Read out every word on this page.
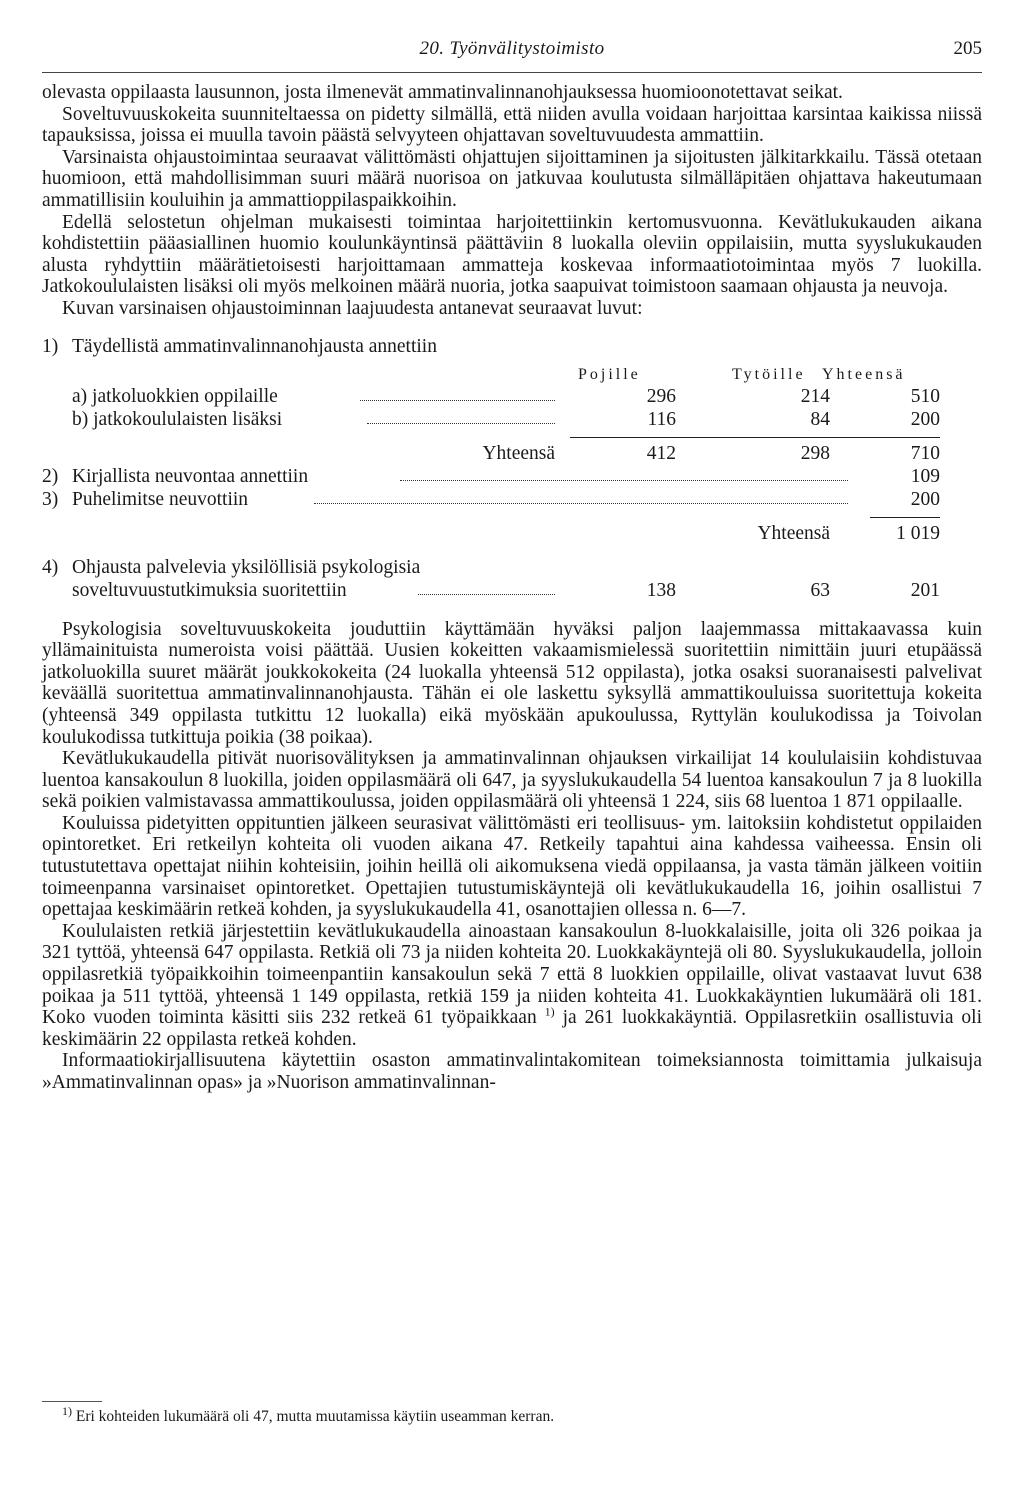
20. Työnvälitystoimisto	205

olevasta oppilaasta lausunnon, josta ilmenevät ammatinvalinnanohjauksessa huomioonotettavat seikat.

Soveltuvuuskokeita suunniteltaessa on pidetty silmällä, että niiden avulla voidaan harjoittaa karsintaa kaikissa niissä tapauksissa, joissa ei muulla tavoin päästä selvyyteen ohjattavan soveltuvuudesta ammattiin.

Varsinaista ohjaustoimintaa seuraavat välittömästi ohjattujen sijoittaminen ja sijoitusten jälkitarkkailu. Tässä otetaan huomioon, että mahdollisimman suuri määrä nuorisoa on jatkuvaa koulutusta silmälläpitäen ohjattava hakeutumaan ammatillisiin kouluihin ja ammattioppilaspaikkoihin.

Edellä selostetun ohjelman mukaisesti toimintaa harjoitettiinkin kertomusvuonna. Kevätlukukauden aikana kohdistettiin pääasiallinen huomio koulunkäyntinsä päättäviin 8 luokalla oleviin oppilaisiin, mutta syyslukukauden alusta ryhdyttiin määrätietoisesti harjoittamaan ammatteja koskevaa informaatiotoimintaa myös 7 luokilla. Jatkokoululaisten lisäksi oli myös melkoinen määrä nuoria, jotka saapuivat toimistoon saamaan ohjausta ja neuvoja.

Kuvan varsinaisen ohjaustoiminnan laajuudesta antanevat seuraavat luvut:

1) Täydellistä ammatinvalinnanohjausta annettiin
Pojille	Tytöille Yhteensä
a) jatkoluokkien oppilaille	296	214	510
b) jatkokoululaisten lisäksi	116	84	200
Yhteensä	412	298	710
2) Kirjallista neuvontaa annettiin	109
3) Puhelimitse neuvottiin	200
Yhteensä	1 019
4) Ohjausta palvelevia yksilöllisiä psykologisia
soveltuvuustutkimuksia suoritettiin	138	63	201

Psykologisia soveltuvuuskokeita jouduttiin käyttämään hyväksi paljon laajemmassa mittakaavassa kuin yllämainituista numeroista voisi päättää. Uusien kokeitten vakaamismielessä suoritettiin nimittäin juuri etupäässä jatkoluokilla suuret määrät joukkokokeita (24 luokalla yhteensä 512 oppilasta), jotka osaksi suoranaisesti palvelivat keväällä suoritettua ammatinvalinnanohjausta. Tähän ei ole laskettu syksyllä ammattikouluissa suoritettuja kokeita (yhteensä 349 oppilasta tutkittu 12 luokalla) eikä myöskään apukoulussa, Ryttylän koulukodissa ja Toivolan koulukodissa tutkittuja poikia (38 poikaa).

Kevätlukukaudella pitivät nuorisovälityksen ja ammatinvalinnan ohjauksen virkailijat 14 koululaisiin kohdistuvaa luentoa kansakoulun 8 luokilla, joiden oppilasmäärä oli 647, ja syyslukukaudella 54 luentoa kansakoulun 7 ja 8 luokilla sekä poikien valmistavassa ammattikoulussa, joiden oppilasmäärä oli yhteensä 1 224, siis 68 luentoa 1 871 oppilaalle.

Kouluissa pidetyitten oppituntien jälkeen seurasivat välittömästi eri teollisuus- ym. laitoksiin kohdistetut oppilaiden opintoretket. Eri retkeilyn kohteita oli vuoden aikana 47. Retkeily tapahtui aina kahdessa vaiheessa. Ensin oli tutustutettava opettajat niihin kohteisiin, joihin heillä oli aikomuksena viedä oppilaansa, ja vasta tämän jälkeen voitiin toimeenpanna varsinaiset opintoretket. Opettajien tutustumiskäyntejä oli kevätlukukaudella 16, joihin osallistui 7 opettajaa keskimäärin retkeä kohden, ja syyslukukaudella 41, osanottajien ollessa n. 6—7.

Koululaisten retkiä järjestettiin kevätlukukaudella ainoastaan kansakoulun 8-luokkalaisille, joita oli 326 poikaa ja 321 tyttöä, yhteensä 647 oppilasta. Retkiä oli 73 ja niiden kohteita 20. Luokkakäyntejä oli 80. Syyslukukaudella, jolloin oppilasretkiä työpaikkoihin toimeenpantiin kansakoulun sekä 7 että 8 luokkien oppilaille, olivat vastaavat luvut 638 poikaa ja 511 tyttöä, yhteensä 1 149 oppilasta, retkiä 159 ja niiden kohteita 41. Luokkakäyntien lukumäärä oli 181. Koko vuoden toiminta käsitti siis 232 retkeä 61 työpaikkaan $^{1)}$ ja 261 luokkakäyntiä. Oppilasretkiin osallistuvia oli keskimäärin 22 oppilasta retkeä kohden.

Informaatiokirjallisuutena käytettiin osaston ammatinvalintakomitean toimeksiannosta toimittamia julkaisuja »Ammatinvalinnan opas» ja »Nuorison ammatinvalinnan-

$^{1)}$ Eri kohteiden lukumäärä oli 47, mutta muutamissa käytiin useamman kerran.
